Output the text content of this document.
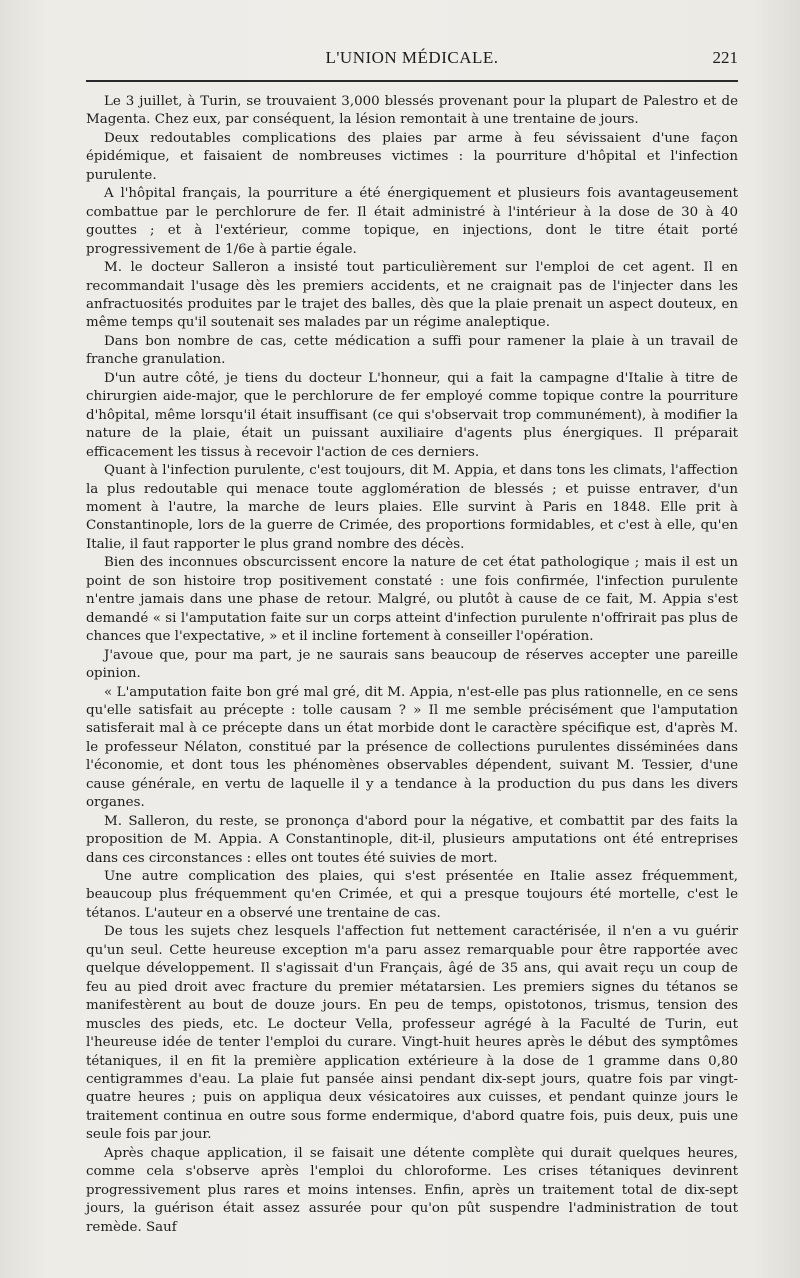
L'UNION MÉDICALE.	221

Le 3 juillet, à Turin, se trouvaient 3,000 blessés provenant pour la plupart de Palestro et de Magenta. Chez eux, par conséquent, la lésion remontait à une trentaine de jours.

Deux redoutables complications des plaies par arme à feu sévissaient d'une façon épidémique, et faisaient de nombreuses victimes : la pourriture d'hôpital et l'infection purulente.

A l'hôpital français, la pourriture a été énergiquement et plusieurs fois avantageusement combattue par le perchlorure de fer. Il était administré à l'intérieur à la dose de 30 à 40 gouttes ; et à l'extérieur, comme topique, en injections, dont le titre était porté progressivement de 1/6e à partie égale.

M. le docteur Salleron a insisté tout particulièrement sur l'emploi de cet agent. Il en recommandait l'usage dès les premiers accidents, et ne craignait pas de l'injecter dans les anfractuosités produites par le trajet des balles, dès que la plaie prenait un aspect douteux, en même temps qu'il soutenait ses malades par un régime analeptique.

Dans bon nombre de cas, cette médication a suffi pour ramener la plaie à un travail de franche granulation.

D'un autre côté, je tiens du docteur L'honneur, qui a fait la campagne d'Italie à titre de chirurgien aide-major, que le perchlorure de fer employé comme topique contre la pourriture d'hôpital, même lorsqu'il était insuffisant (ce qui s'observait trop communément), à modifier la nature de la plaie, était un puissant auxiliaire d'agents plus énergiques. Il préparait efficacement les tissus à recevoir l'action de ces derniers.

Quant à l'infection purulente, c'est toujours, dit M. Appia, et dans tons les climats, l'affection la plus redoutable qui menace toute agglomération de blessés ; et puisse entraver, d'un moment à l'autre, la marche de leurs plaies. Elle survint à Paris en 1848. Elle prit à Constantinople, lors de la guerre de Crimée, des proportions formidables, et c'est à elle, qu'en Italie, il faut rapporter le plus grand nombre des décès.

Bien des inconnues obscurcissent encore la nature de cet état pathologique ; mais il est un point de son histoire trop positivement constaté : une fois confirmée, l'infection purulente n'entre jamais dans une phase de retour. Malgré, ou plutôt à cause de ce fait, M. Appia s'est demandé « si l'amputation faite sur un corps atteint d'infection purulente n'offrirait pas plus de chances que l'expectative, » et il incline fortement à conseiller l'opération.

J'avoue que, pour ma part, je ne saurais sans beaucoup de réserves accepter une pareille opinion.

« L'amputation faite bon gré mal gré, dit M. Appia, n'est-elle pas plus rationnelle, en ce sens qu'elle satisfait au précepte : tolle causam ? » Il me semble précisément que l'amputation satisferait mal à ce précepte dans un état morbide dont le caractère spécifique est, d'après M. le professeur Nélaton, constitué par la présence de collections purulentes disséminées dans l'économie, et dont tous les phénomènes observables dépendent, suivant M. Tessier, d'une cause générale, en vertu de laquelle il y a tendance à la production du pus dans les divers organes.

M. Salleron, du reste, se prononça d'abord pour la négative, et combattit par des faits la proposition de M. Appia. A Constantinople, dit-il, plusieurs amputations ont été entreprises dans ces circonstances : elles ont toutes été suivies de mort.

Une autre complication des plaies, qui s'est présentée en Italie assez fréquemment, beaucoup plus fréquemment qu'en Crimée, et qui a presque toujours été mortelle, c'est le tétanos. L'auteur en a observé une trentaine de cas.

De tous les sujets chez lesquels l'affection fut nettement caractérisée, il n'en a vu guérir qu'un seul. Cette heureuse exception m'a paru assez remarquable pour être rapportée avec quelque développement. Il s'agissait d'un Français, âgé de 35 ans, qui avait reçu un coup de feu au pied droit avec fracture du premier métatarsien. Les premiers signes du tétanos se manifestèrent au bout de douze jours. En peu de temps, opistotonos, trismus, tension des muscles des pieds, etc. Le docteur Vella, professeur agrégé à la Faculté de Turin, eut l'heureuse idée de tenter l'emploi du curare. Vingt-huit heures après le début des symptômes tétaniques, il en fit la première application extérieure à la dose de 1 gramme dans 0,80 centigrammes d'eau. La plaie fut pansée ainsi pendant dix-sept jours, quatre fois par vingt-quatre heures ; puis on appliqua deux vésicatoires aux cuisses, et pendant quinze jours le traitement continua en outre sous forme endermique, d'abord quatre fois, puis deux, puis une seule fois par jour.

Après chaque application, il se faisait une détente complète qui durait quelques heures, comme cela s'observe après l'emploi du chloroforme. Les crises tétaniques devinrent progressivement plus rares et moins intenses. Enfin, après un traitement total de dix-sept jours, la guérison était assez assurée pour qu'on pût suspendre l'administration de tout remède. Sauf
